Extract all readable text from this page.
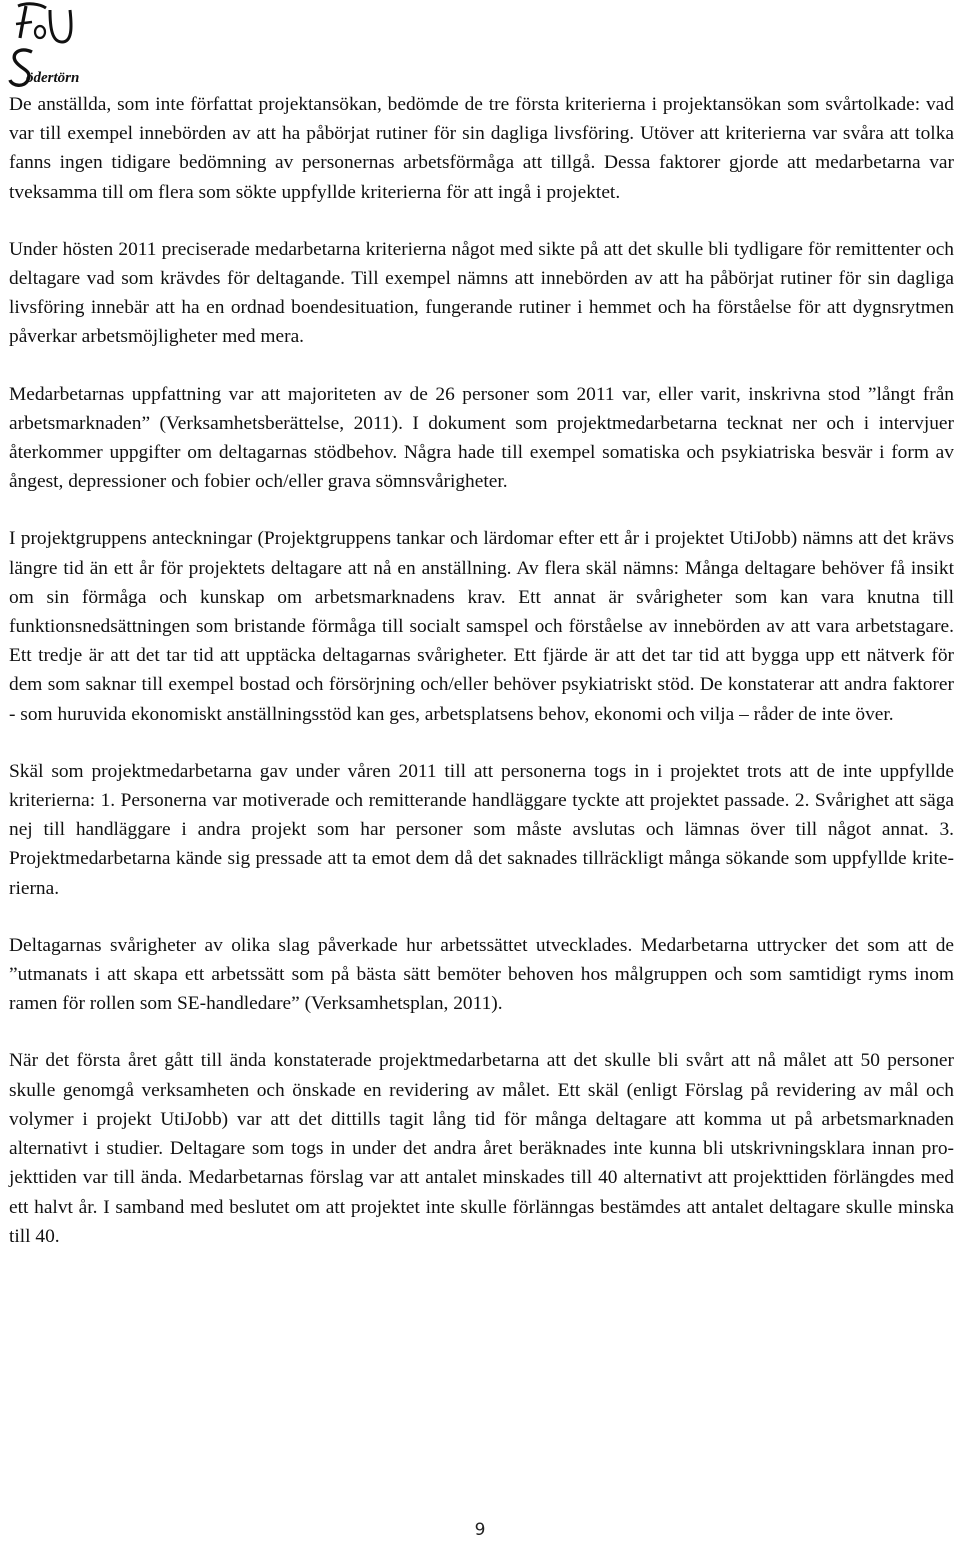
ödertörn

De anställda, som inte författat projektansökan, bedömde de tre första kriterierna i projektansökan som svårtolkade: vad var till exempel innebörden av att ha påbörjat rutiner för sin dagliga livsföring. Utöver att kriterierna var svåra att tolka fanns ingen tidigare bedömning av personernas arbetsförmåga att tillgå. Dessa faktorer gjorde att medarbetarna var tveksamma till om flera som sökte uppfyllde kriterierna för att ingå i projektet.

Under hösten 2011 preciserade medarbetarna kriterierna något med sikte på att det skulle bli tydligare för remittenter och deltagare vad som krävdes för deltagande. Till exempel nämns att innebörden av att ha påbörjat rutiner för sin dagliga livsföring innebär att ha en ordnad boendesituation, fungerande rutiner i hemmet och ha förståelse för att dygnsrytmen påverkar arbetsmöjligheter med mera.

Medarbetarnas uppfattning var att majoriteten av de 26 personer som 2011 var, eller varit, inskrivna stod ”långt från arbetsmarknaden” (Verksamhetsberättelse, 2011). I dokument som projektmedarbetarna tecknat ner och i intervjuer återkommer uppgifter om deltagarnas stödbehov. Några hade till exempel somatiska och psykiatriska besvär i form av ångest, depressioner och fobier och/eller grava sömnsvårigheter.

I projektgruppens anteckningar (Projektgruppens tankar och lärdomar efter ett år i projektet UtiJobb) nämns att det krävs längre tid än ett år för projektets deltagare att nå en anställning. Av flera skäl nämns: Många deltagare behöver få insikt om sin förmåga och kunskap om arbetsmarknadens krav. Ett annat är svårigheter som kan vara knutna till funktionsnedsättningen som bristande förmåga till socialt samspel och förståelse av innebörden av att vara arbetstagare. Ett tredje är att det tar tid att upptäcka deltagarnas svårigheter. Ett fjärde är att det tar tid att bygga upp ett nätverk för dem som saknar till exempel bostad och försörjning och/eller behöver psykiatriskt stöd. De konstaterar att andra faktorer - som huruvida ekonomiskt anställningsstöd kan ges, arbetsplatsens behov, ekonomi och vilja – råder de inte över.

Skäl som projektmedarbetarna gav under våren 2011 till att personerna togs in i projektet trots att de inte uppfyllde kriterierna: 1. Personerna var motiverade och remitterande handläggare tyckte att projektet passade. 2. Svårighet att säga nej till handläggare i andra projekt som har personer som måste avslutas och lämnas över till något annat. 3. Projektmedarbetarna kände sig pressade att ta emot dem då det saknades tillräckligt många sökande som uppfyllde kriterierna.

Deltagarnas svårigheter av olika slag påverkade hur arbetssättet utvecklades. Medarbetarna uttrycker det som att de ”utmanats i att skapa ett arbetssätt som på bästa sätt bemöter behoven hos målgruppen och som samtidigt ryms inom ramen för rollen som SE-handledare” (Verksamhetsplan, 2011).

När det första året gått till ända konstaterade projektmedarbetarna att det skulle bli svårt att nå målet att 50 personer skulle genomgå verksamheten och önskade en revidering av målet. Ett skäl (enligt Förslag på revidering av mål och volymer i projekt UtiJobb) var att det dittills tagit lång tid för många deltagare att komma ut på arbetsmarknaden alternativt i studier. Deltagare som togs in under det andra året beräknades inte kunna bli utskrivningsklara innan projekttiden var till ända. Medarbetarnas förslag var att antalet minskades till 40 alternativt att projekttiden förlängdes med ett halvt år. I samband med beslutet om att projektet inte skulle förlänngas bestämdes att antalet deltagare skulle minska till 40.

9
